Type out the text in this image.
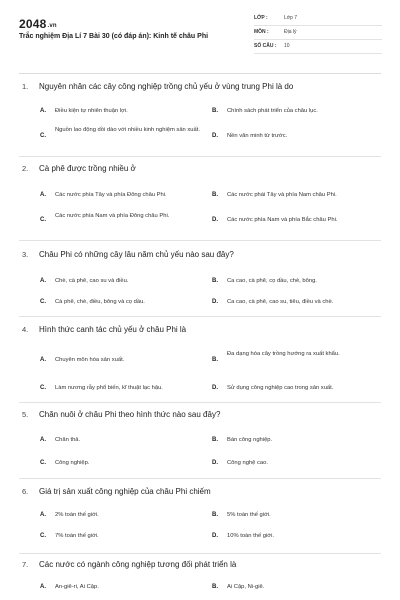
2048.vn
Trắc nghiệm Địa Lí 7 Bài 30 (có đáp án): Kinh tế châu Phi
LỚP :	Lớp 7
MÔN :	Địa lý
SỐ CÂU : 10
1. Nguyên nhân các cây công nghiệp trồng chủ yếu ở vùng trung Phi là do
A. Điều kiện tự nhiên thuận lợi.	B. Chính sách phát triển của châu lục.
C.
Nguồn lao động dồi dào với nhiều kinh nghiệm sản xuất.
D. Nền văn minh từ trước.
2. Cà phê được trồng nhiều ở
A. Các nước phía Tây và phía Đông châu Phi.	B. Các nước phái Tây và phía Nam châu Phi.
C.
Các nước phía Nam và phía Đông châu Phi.
D. Các nước phía Nam và phía Bắc châu Phi.
3. Châu Phi có những cây lâu năm chủ yếu nào sau đây?
A. Chè, cà phê, cao su và điều.	B. Ca cao, cà phê, cọ dầu, chè, bông.
C. Cà phê, chè, điều, bông và cọ dầu.	D. Ca cao, cà phê, cao su, tiêu, điều và chè.
4. Hình thức canh tác chủ yếu ở châu Phi là
A. Chuyên môn hóa sản xuất.	B.
Đa dạng hóa cây trồng hướng ra xuất khẩu.
C. Làm nương rẫy phổ biến, kĩ thuật lạc hậu.	D. Sử dụng công nghiệp cao trong sản xuất.
5. Chăn nuôi ở châu Phi theo hình thức nào sau đây?
A. Chăn thả.	B. Bán công nghiệp.
C. Công nghiệp.	D. Công nghệ cao.
6. Giá trị sản xuất công nghiệp của châu Phi chiếm
A. 2% toàn thế giới.	B. 5% toàn thế giới.
C. 7% toàn thế giới.	D. 10% toàn thế giới.
7. Các nước có ngành công nghiệp tương đối phát triển là
A. An-giê-ri, Ai Cập.	B. Ai Cập, Ni-giê.
